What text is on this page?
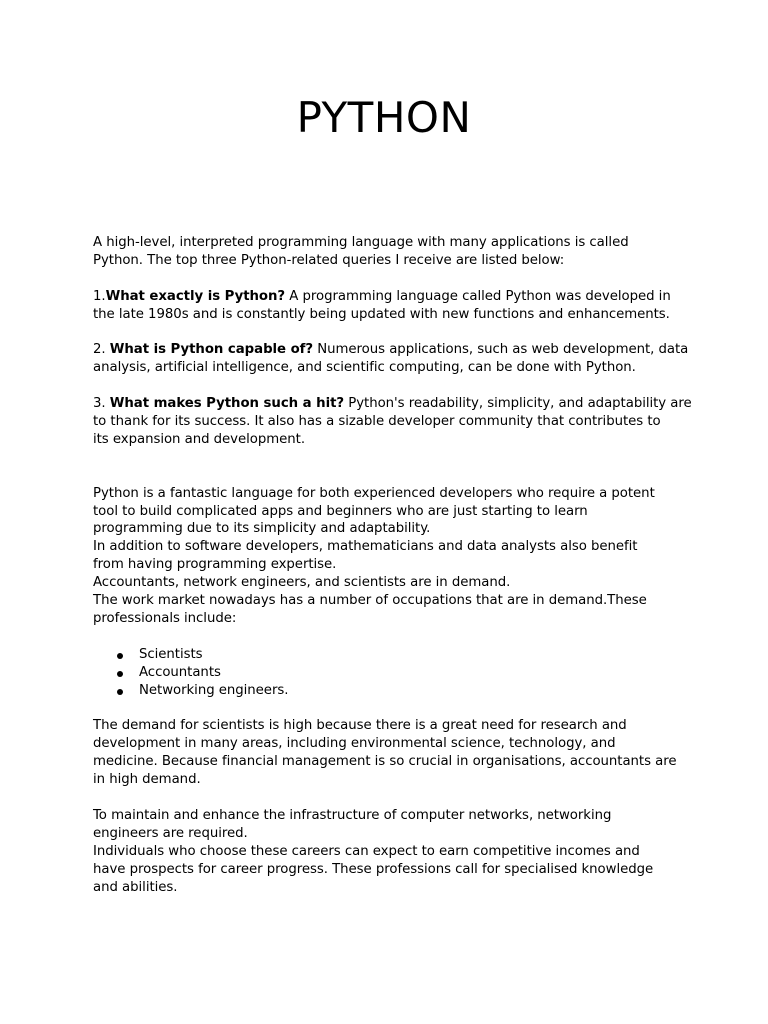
PYTHON

A high-level, interpreted programming language with many applications is called

Python. The top three Python-related queries I receive are listed below:

1.What exactly is Python? A programming language called Python was developed in

the late 1980s and is constantly being updated with new functions and enhancements.

2. What is Python capable of? Numerous applications, such as web development, data

analysis, artificial intelligence, and scientific computing, can be done with Python.

3. What makes Python such a hit? Python's readability, simplicity, and adaptability are

to thank for its success. It also has a sizable developer community that contributes to

its expansion and development.

Python is a fantastic language for both experienced developers who require a potent

tool to build complicated apps and beginners who are just starting to learn

programming due to its simplicity and adaptability.

In addition to software developers, mathematicians and data analysts also benefit

from having programming expertise.

Accountants, network engineers, and scientists are in demand.

The work market nowadays has a number of occupations that are in demand.These

professionals include:

Scientists
Accountants
Networking engineers.

The demand for scientists is high because there is a great need for research and

development in many areas, including environmental science, technology, and

medicine. Because financial management is so crucial in organisations, accountants are

in high demand.

To maintain and enhance the infrastructure of computer networks, networking

engineers are required.

Individuals who choose these careers can expect to earn competitive incomes and

have prospects for career progress. These professions call for specialised knowledge

and abilities.
